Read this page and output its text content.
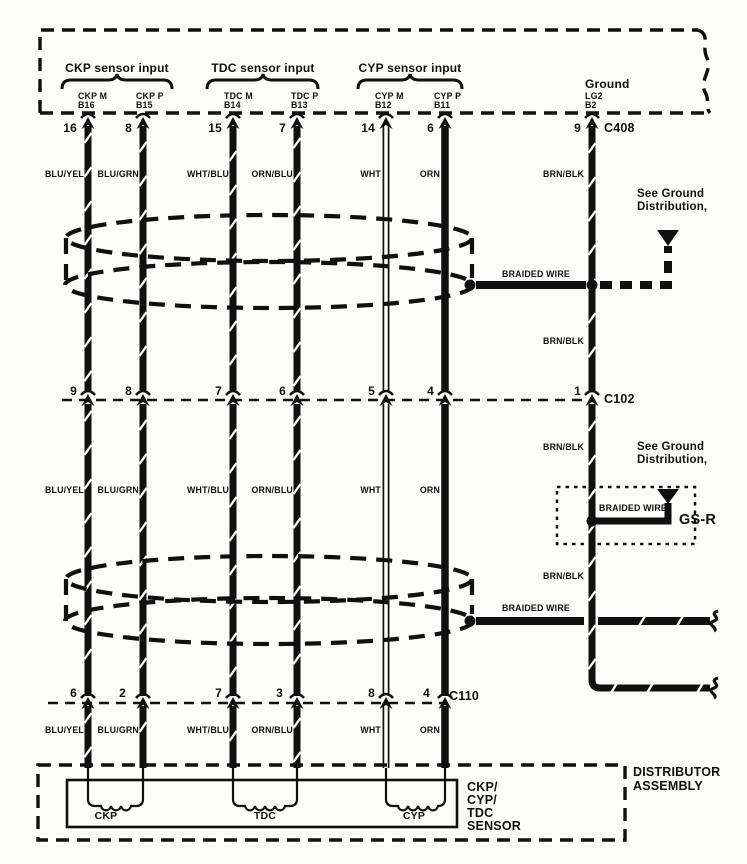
CKP sensor input	TDC sensor input	CYP sensor input
CKP M
B16
CKP P
B15
TDC M
B14
TDC P
B13
CYP M
B12
CYP P
B11
Ground
LG2
B2
16	8	15	7	14	6	9 C408
9	8	7	6	5	4	1
C102
6	2	7	3	8	4 C110
BLU/YEL BLU/GRN	WHT/BLU	ORN/BLU	WHT	ORN
BLU/YEL BLU/GRN	WHT/BLU	ORN/BLU	WHT	ORN
BLU/YEL BLU/GRN	WHT/BLU	ORN/BLU	WHT	ORN
BRN/BLK
BRN/BLK
BRN/BLK
BRN/BLK
BRAIDED WIRE
BRAIDED WIRE
BRAIDED WIRE
See Ground
Distribution,
See Ground
Distribution,
GS-R
CKP	TDC	CYP
CKP/
CYP/
TDC
SENSOR
DISTRIBUTOR
ASSEMBLY
